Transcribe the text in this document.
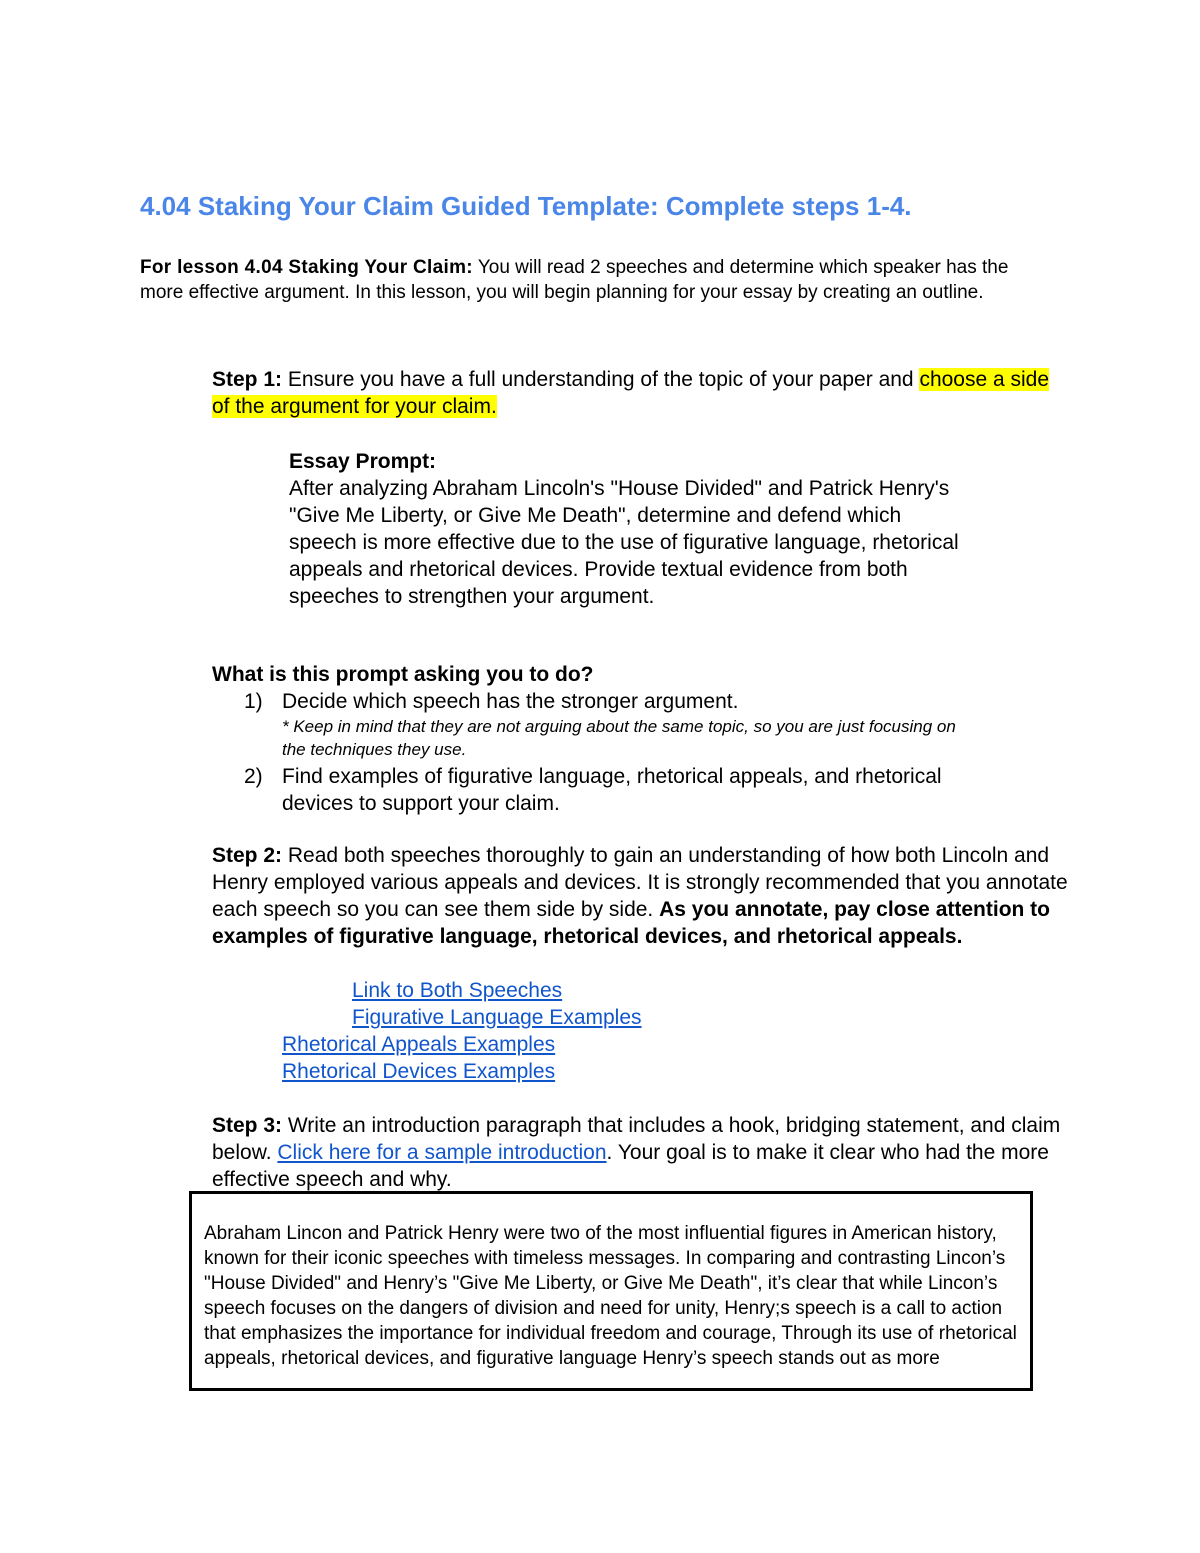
4.04 Staking Your Claim Guided Template: Complete steps 1-4.
For lesson 4.04 Staking Your Claim: You will read 2 speeches and determine which speaker has the more effective argument. In this lesson, you will begin planning for your essay by creating an outline.
Step 1: Ensure you have a full understanding of the topic of your paper and choose a side of the argument for your claim.
Essay Prompt:
After analyzing Abraham Lincoln's "House Divided" and Patrick Henry's "Give Me Liberty, or Give Me Death", determine and defend which speech is more effective due to the use of figurative language, rhetorical appeals and rhetorical devices. Provide textual evidence from both speeches to strengthen your argument.
What is this prompt asking you to do?
1) Decide which speech has the stronger argument.
* Keep in mind that they are not arguing about the same topic, so you are just focusing on the techniques they use.
2) Find examples of figurative language, rhetorical appeals, and rhetorical devices to support your claim.
Step 2: Read both speeches thoroughly to gain an understanding of how both Lincoln and Henry employed various appeals and devices. It is strongly recommended that you annotate each speech so you can see them side by side. As you annotate, pay close attention to examples of figurative language, rhetorical devices, and rhetorical appeals.
Link to Both Speeches
Figurative Language Examples
Rhetorical Appeals Examples
Rhetorical Devices Examples
Step 3: Write an introduction paragraph that includes a hook, bridging statement, and claim below. Click here for a sample introduction. Your goal is to make it clear who had the more effective speech and why.
Abraham Lincon and Patrick Henry were two of the most influential figures in American history, known for their iconic speeches with timeless messages. In comparing and contrasting Lincon’s "House Divided" and Henry’s "Give Me Liberty, or Give Me Death", it’s clear that while Lincon’s speech focuses on the dangers of division and need for unity, Henry;s speech is a call to action that emphasizes the importance for individual freedom and courage, Through its use of rhetorical appeals, rhetorical devices, and figurative language Henry’s speech stands out as more
